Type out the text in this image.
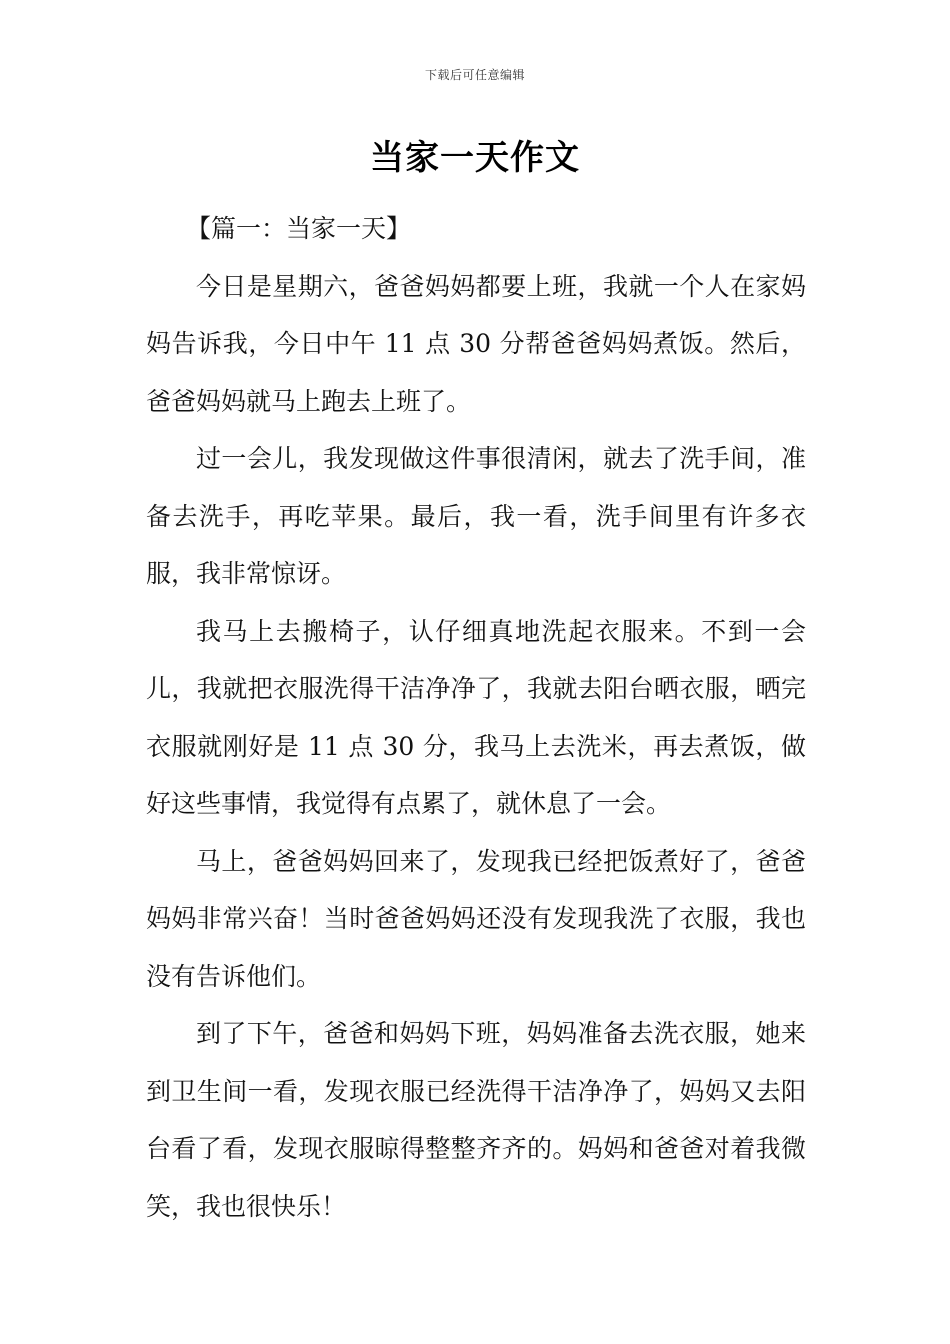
下载后可任意编辑
当家一天作文
【篇一：当家一天】

今日是星期六，爸爸妈妈都要上班，我就一个人在家妈妈告诉我，今日中午 11 点 30 分帮爸爸妈妈煮饭。然后，爸爸妈妈就马上跑去上班了。

过一会儿，我发现做这件事很清闲，就去了洗手间，准备去洗手，再吃苹果。最后，我一看，洗手间里有许多衣服，我非常惊讶。

我马上去搬椅子，认仔细真地洗起衣服来。不到一会儿，我就把衣服洗得干洁净净了，我就去阳台晒衣服，晒完衣服就刚好是 11 点 30 分，我马上去洗米，再去煮饭，做好这些事情，我觉得有点累了，就休息了一会。

马上，爸爸妈妈回来了，发现我已经把饭煮好了，爸爸妈妈非常兴奋！当时爸爸妈妈还没有发现我洗了衣服，我也没有告诉他们。

到了下午，爸爸和妈妈下班，妈妈准备去洗衣服，她来到卫生间一看，发现衣服已经洗得干洁净净了，妈妈又去阳台看了看，发现衣服晾得整整齐齐的。妈妈和爸爸对着我微笑，我也很快乐！
